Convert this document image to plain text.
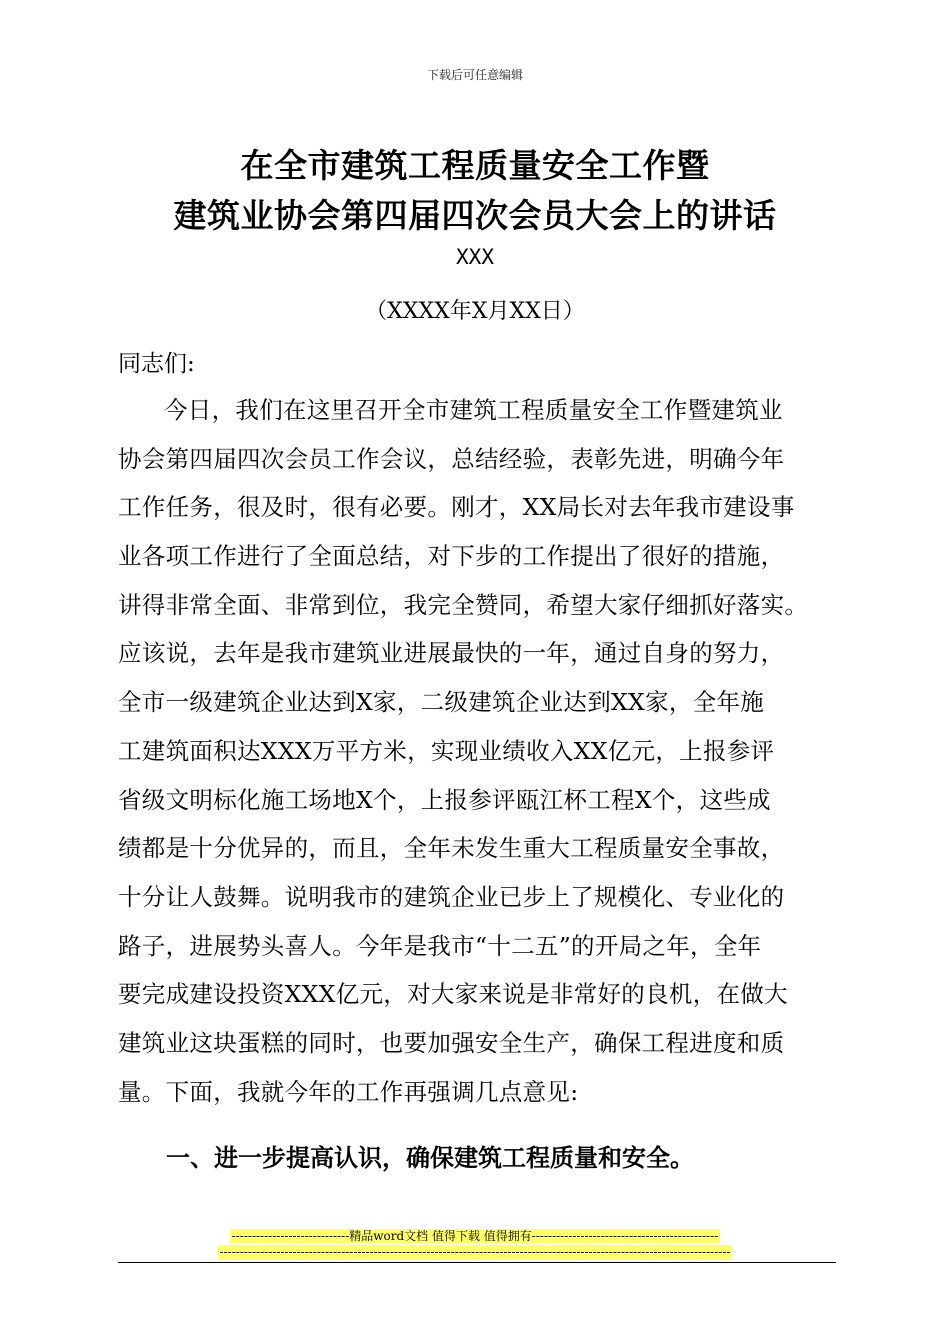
下载后可任意编辑
在全市建筑工程质量安全工作暨
建筑业协会第四届四次会员大会上的讲话
XXX
（XXXX年X月XX日）
同志们:
今日，我们在这里召开全市建筑工程质量安全工作暨建筑业
协会第四届四次会员工作会议，总结经验，表彰先进，明确今年
工作任务，很及时，很有必要。刚才，XX局长对去年我市建设事
业各项工作进行了全面总结，对下步的工作提出了很好的措施，
讲得非常全面、非常到位，我完全赞同，希望大家仔细抓好落实。
应该说，去年是我市建筑业进展最快的一年，通过自身的努力，
全市一级建筑企业达到X家，二级建筑企业达到XX家，全年施
工建筑面积达XXX万平方米，实现业绩收入XX亿元，上报参评
省级文明标化施工场地X个，上报参评瓯江杯工程X个，这些成
绩都是十分优异的，而且，全年未发生重大工程质量安全事故，
十分让人鼓舞。说明我市的建筑企业已步上了规模化、专业化的
路子，进展势头喜人。今年是我市“十二五”的开局之年，全年
要完成建设投资XXX亿元，对大家来说是非常好的良机，在做大
建筑业这块蛋糕的同时，也要加强安全生产，确保工程进度和质
量。下面，我就今年的工作再强调几点意见:
一、进一步提高认识，确保建筑工程质量和安全。
-----------------------------精品word文档 值得下载 值得拥有----------------------------------------------
------------------------------------------------------------------------------------------------------------------------------
